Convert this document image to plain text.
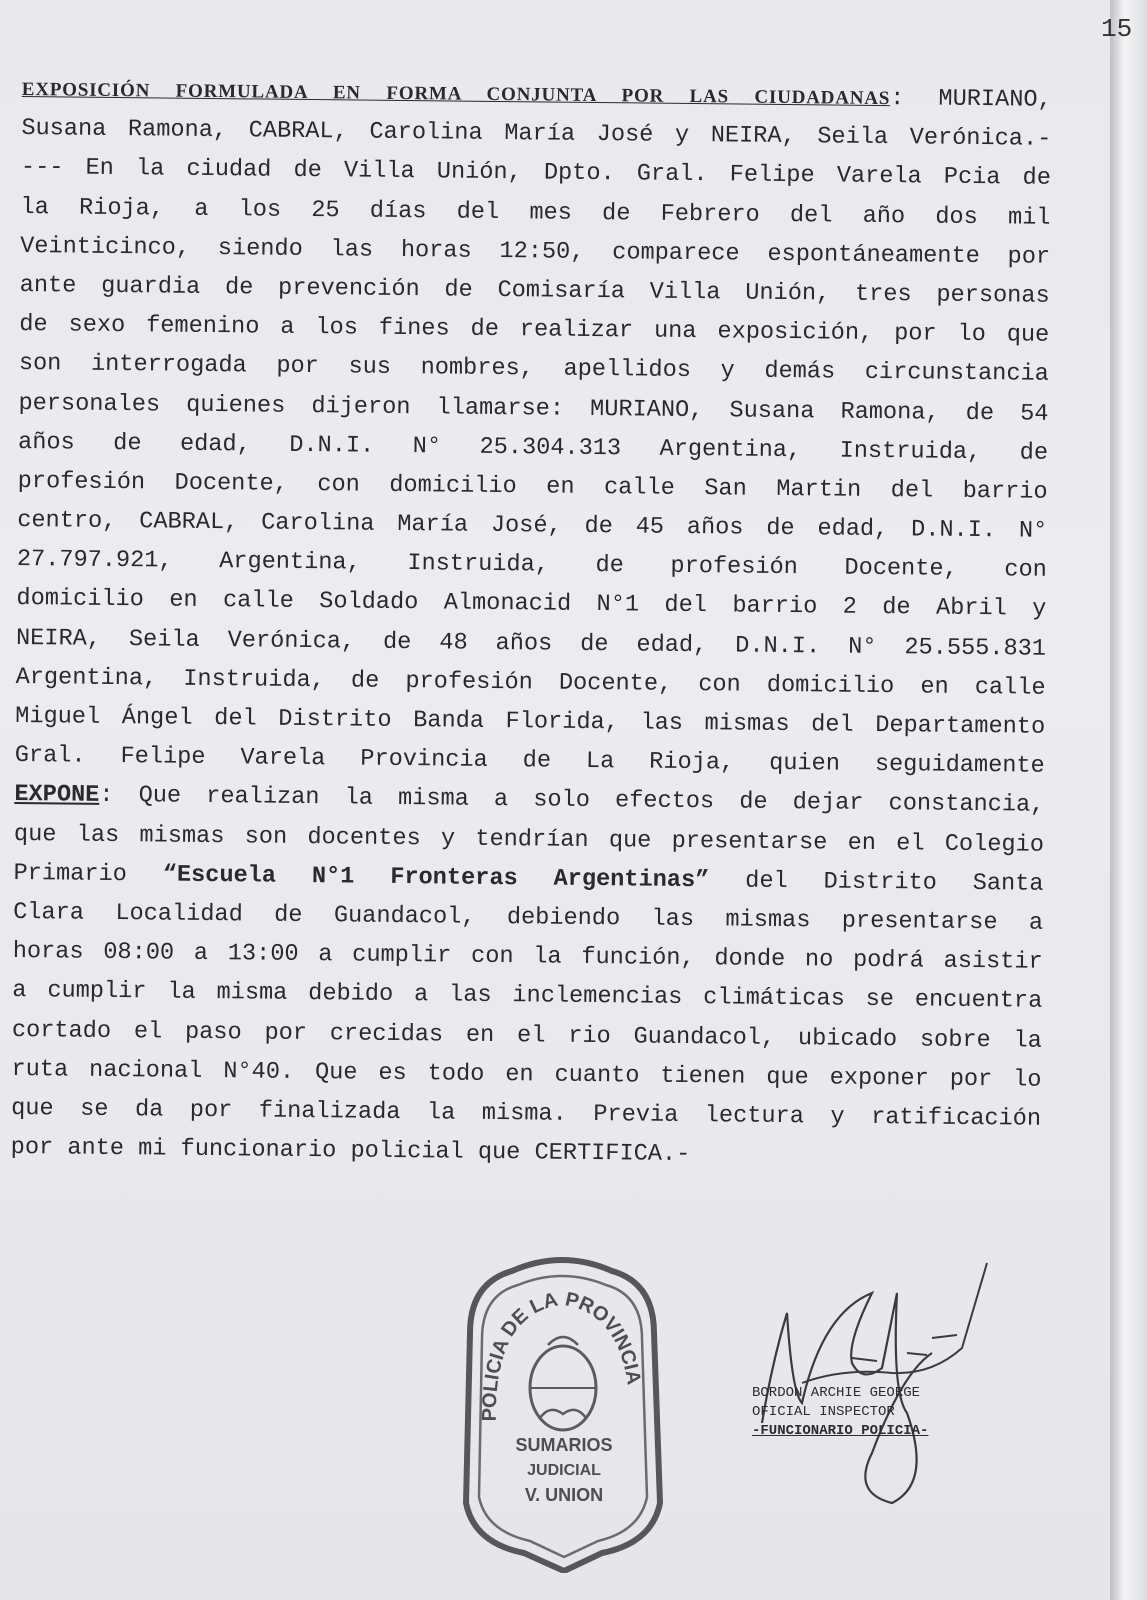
15
EXPOSICIÓN FORMULADA EN FORMA CONJUNTA POR LAS CIUDADANAS: MURIANO,
Susana Ramona, CABRAL, Carolina María José y NEIRA, Seila Verónica.-
--- En la ciudad de Villa Unión, Dpto. Gral. Felipe Varela Pcia de
la Rioja, a los 25 días del mes de Febrero del año dos mil
Veinticinco, siendo las horas 12:50, comparece espontáneamente por
ante guardia de prevención de Comisaría Villa Unión, tres personas
de sexo femenino a los fines de realizar una exposición, por lo que
son interrogada por sus nombres, apellidos y demás circunstancia
personales quienes dijeron llamarse: MURIANO, Susana Ramona, de 54
años de edad, D.N.I. N° 25.304.313 Argentina, Instruida, de
profesión Docente, con domicilio en calle San Martin del barrio
centro, CABRAL, Carolina María José, de 45 años de edad, D.N.I. N°
27.797.921, Argentina, Instruida, de profesión Docente, con
domicilio en calle Soldado Almonacid N°1 del barrio 2 de Abril y
NEIRA, Seila Verónica, de 48 años de edad, D.N.I. N° 25.555.831
Argentina, Instruida, de profesión Docente, con domicilio en calle
Miguel Ángel del Distrito Banda Florida, las mismas del Departamento
Gral. Felipe Varela Provincia de La Rioja, quien seguidamente
EXPONE: Que realizan la misma a solo efectos de dejar constancia,
que las mismas son docentes y tendrían que presentarse en el Colegio
Primario “Escuela N°1 Fronteras Argentinas” del Distrito Santa
Clara Localidad de Guandacol, debiendo las mismas presentarse a
horas 08:00 a 13:00 a cumplir con la función, donde no podrá asistir
a cumplir la misma debido a las inclemencias climáticas se encuentra
cortado el paso por crecidas en el rio Guandacol, ubicado sobre la
ruta nacional N°40. Que es todo en cuanto tienen que exponer por lo
que se da por finalizada la misma. Previa lectura y ratificación
por ante mi funcionario policial que CERTIFICA.-
POLICIA DE LA PROVINCIA
SUMARIOS
JUDICIAL
V. UNION
BORDON ARCHIE GEORGE
OFICIAL INSPECTOR
-FUNCIONARIO POLICIA-
